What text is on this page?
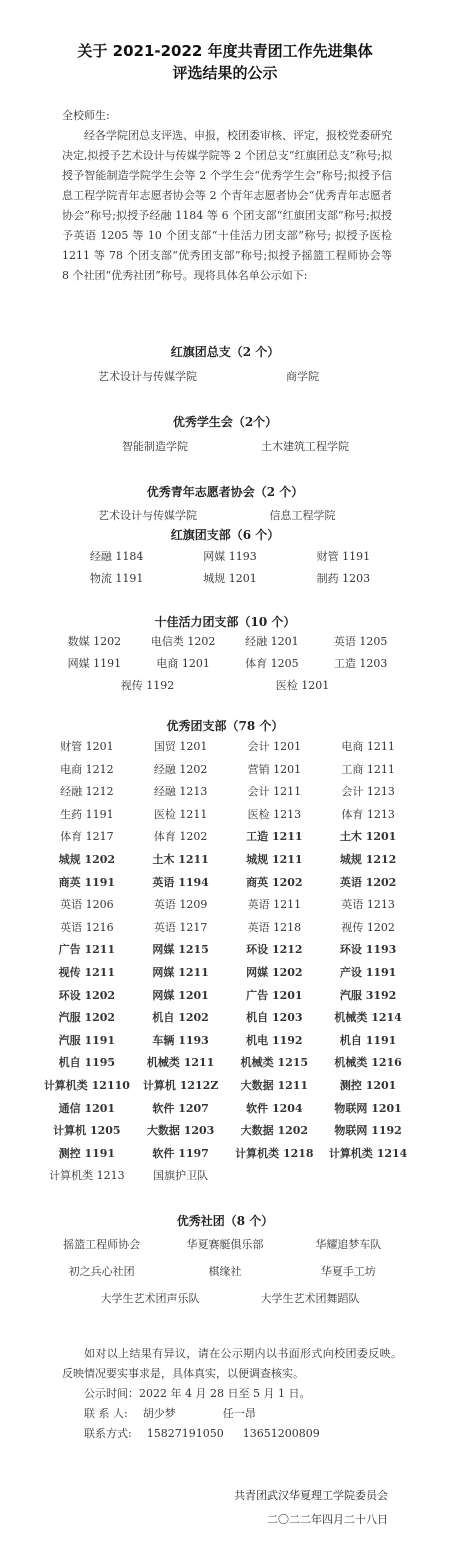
关于 2021-2022 年度共青团工作先进集体
评选结果的公示

全校师生:

经各学院团总支评选、申报，校团委审核、评定，报校党委研究决定,拟授予艺术设计与传媒学院等 2 个团总支“红旗团总支”称号;拟授予智能制造学院学生会等 2 个学生会“优秀学生会”称号;拟授予信息工程学院青年志愿者协会等 2 个青年志愿者协会“优秀青年志愿者协会”称号;拟授予经融 1184 等 6 个团支部“红旗团支部”称号;拟授予英语 1205 等 10 个团支部“十佳活力团支部”称号; 拟授予医检 1211 等 78 个团支部“优秀团支部”称号;拟授予摇篮工程师协会等 8 个社团“优秀社团”称号。现将具体名单公示如下:

红旗团总支（2 个）
艺术设计与传媒学院	商学院
优秀学生会（2个）
智能制造学院	土木建筑工程学院
优秀青年志愿者协会（2 个）
艺术设计与传媒学院	信息工程学院
红旗团支部（6 个）
经融 1184	网媒 1193	财管 1191
物流 1191	城规 1201	制药 1203
十佳活力团支部（10 个）
数媒 1202	电信类 1202	经融 1201	英语 1205
网媒 1191	电商 1201	体育 1205	工造 1203
视传 1192	医检 1201
优秀团支部（78 个）
财管 1201	国贸 1201	会计 1201	电商 1211
电商 1212	经融 1202	营销 1201	工商 1211
经融 1212	经融 1213	会计 1211	会计 1213
生药 1191	医检 1211	医检 1213	体育 1213
体育 1217	体育 1202	工造 1211	土木 1201
城规 1202	土木 1211	城规 1211	城规 1212
商英 1191	英语 1194	商英 1202	英语 1202
英语 1206	英语 1209	英语 1211	英语 1213
英语 1216	英语 1217	英语 1218	视传 1202
广告 1211	网媒 1215	环设 1212	环设 1193
视传 1211	网媒 1211	网媒 1202	产设 1191
环设 1202	网媒 1201	广告 1201	汽服 3192
汽服 1202	机自 1202	机自 1203	机械类 1214
汽服 1191	车辆 1193	机电 1192	机自 1191
机自 1195	机械类 1211	机械类 1215	机械类 1216
计算机类 12110	计算机 1212Z	大数据 1211	测控 1201
通信 1201	软件 1207	软件 1204	物联网 1201
计算机 1205	大数据 1203	大数据 1202	物联网 1192
测控 1191	软件 1197	计算机类 1218	计算机类 1214
计算机类 1213	国旗护卫队
优秀社团（8 个）
摇篮工程师协会	华夏赛艇俱乐部	华耀追梦车队
初之兵心社团	棋缘社	华夏手工坊
大学生艺术团声乐队	大学生艺术团舞蹈队

如对以上结果有异议，请在公示期内以书面形式向校团委反映。反映情况要实事求是，具体真实，以便调查核实。

公示时间：2022 年 4 月 28 日至 5 月 1 日。

联 系 人: 胡少梦	任一昂

联系方式: 15827191050 13651200809

共青团武汉华夏理工学院委员会
二〇二二年四月二十八日
